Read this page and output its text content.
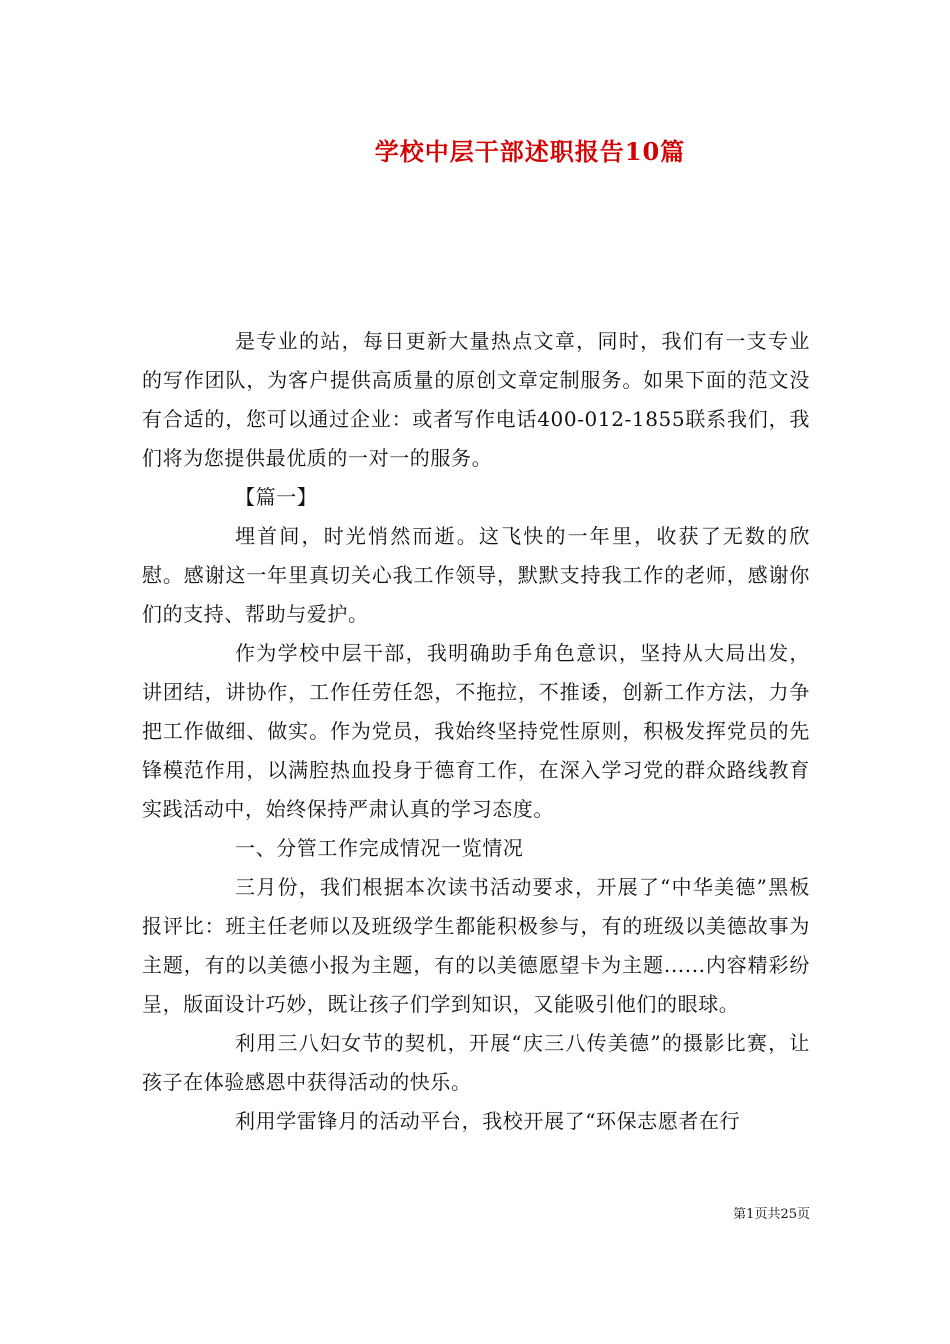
学校中层干部述职报告10篇

是专业的站，每日更新大量热点文章，同时，我们有一支专业的写作团队，为客户提供高质量的原创文章定制服务。如果下面的范文没有合适的，您可以通过企业：或者写作电话400-012-1855联系我们，我们将为您提供最优质的一对一的服务。

【篇一】

埋首间，时光悄然而逝。这飞快的一年里，收获了无数的欣慰。感谢这一年里真切关心我工作领导，默默支持我工作的老师，感谢你们的支持、帮助与爱护。

作为学校中层干部，我明确助手角色意识，坚持从大局出发，讲团结，讲协作，工作任劳任怨，不拖拉，不推诿，创新工作方法，力争把工作做细、做实。作为党员，我始终坚持党性原则，积极发挥党员的先锋模范作用，以满腔热血投身于德育工作，在深入学习党的群众路线教育实践活动中，始终保持严肃认真的学习态度。

一、分管工作完成情况一览情况

三月份，我们根据本次读书活动要求，开展了“中华美德”黑板报评比：班主任老师以及班级学生都能积极参与，有的班级以美德故事为主题，有的以美德小报为主题，有的以美德愿望卡为主题......内容精彩纷呈，版面设计巧妙，既让孩子们学到知识，又能吸引他们的眼球。

利用三八妇女节的契机，开展“庆三八传美德”的摄影比赛，让孩子在体验感恩中获得活动的快乐。

利用学雷锋月的活动平台，我校开展了“环保志愿者在行

第1页共25页
